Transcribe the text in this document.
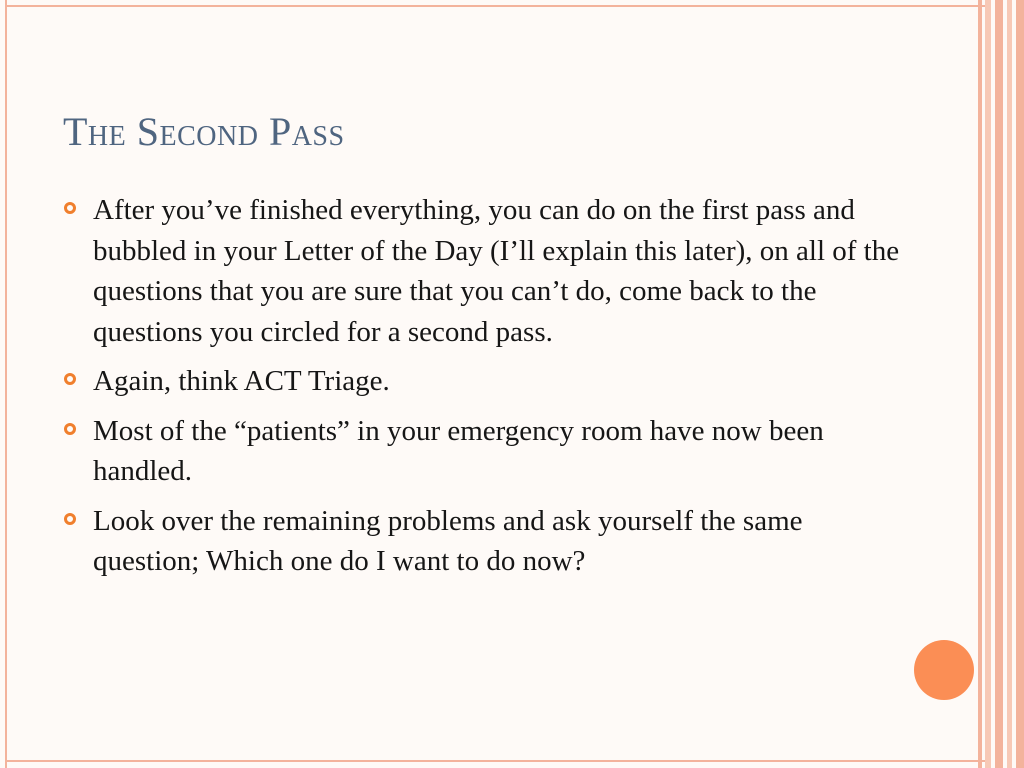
The Second Pass
After you’ve finished everything, you can do on the first pass and bubbled in your Letter of the Day (I’ll explain this later), on all of the questions that you are sure that you can’t do, come back to the questions you circled for a second pass.
Again, think ACT Triage.
Most of the “patients” in your emergency room have now been handled.
Look over the remaining problems and ask yourself the same question; Which one do I want to do now?
